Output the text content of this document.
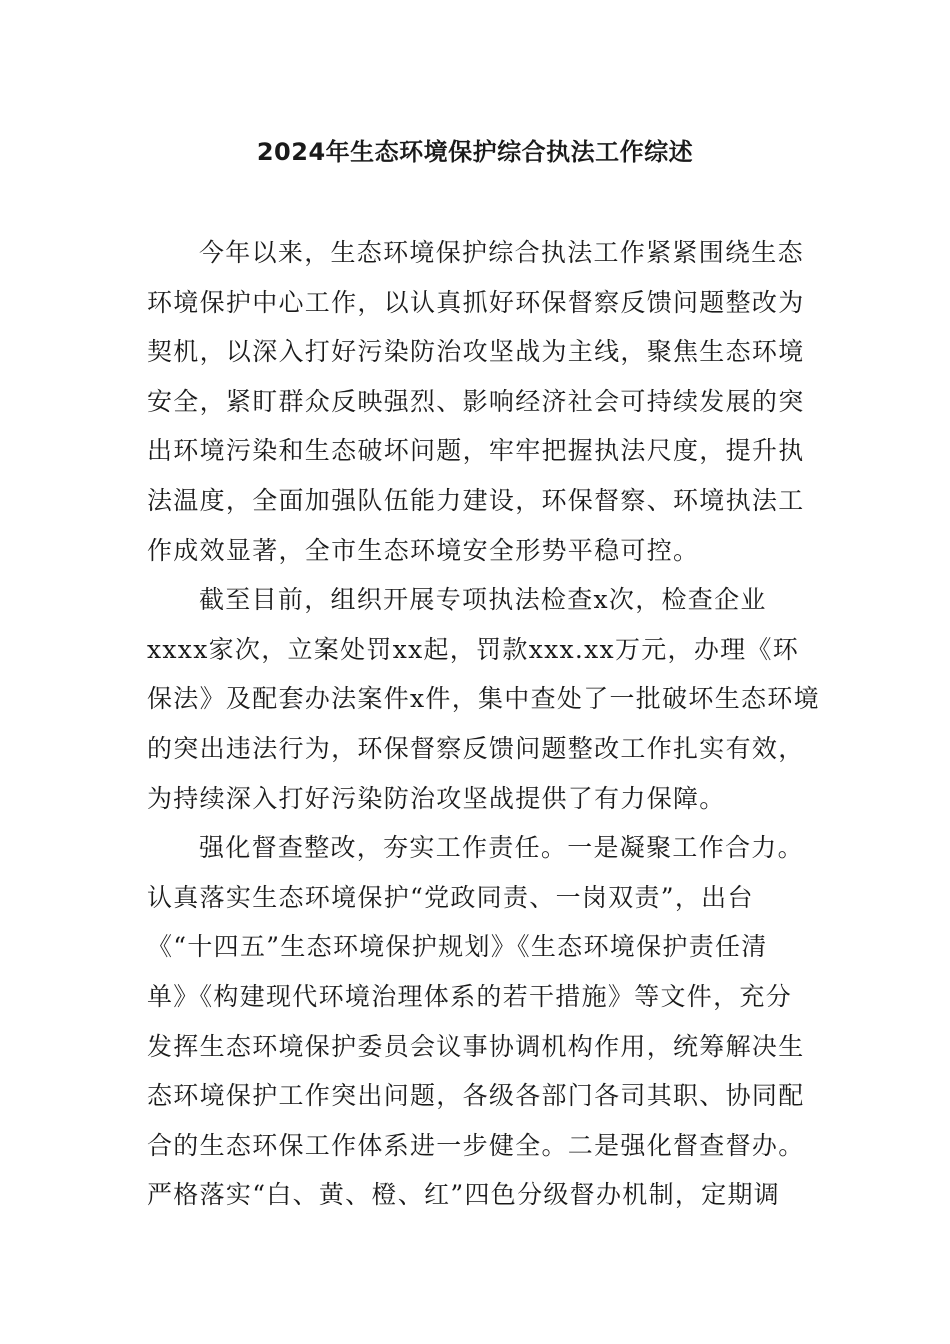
2024年生态环境保护综合执法工作综述
今年以来，生态环境保护综合执法工作紧紧围绕生态
环境保护中心工作，以认真抓好环保督察反馈问题整改为
契机，以深入打好污染防治攻坚战为主线，聚焦生态环境
安全，紧盯群众反映强烈、影响经济社会可持续发展的突
出环境污染和生态破坏问题，牢牢把握执法尺度，提升执
法温度，全面加强队伍能力建设，环保督察、环境执法工
作成效显著，全市生态环境安全形势平稳可控。
截至目前，组织开展专项执法检查x次，检查企业
xxxx家次，立案处罚xx起，罚款xxx.xx万元，办理《环
保法》及配套办法案件x件，集中查处了一批破坏生态环境
的突出违法行为，环保督察反馈问题整改工作扎实有效，
为持续深入打好污染防治攻坚战提供了有力保障。
强化督查整改，夯实工作责任。一是凝聚工作合力。
认真落实生态环境保护“党政同责、一岗双责”，出台
《“十四五”生态环境保护规划》《生态环境保护责任清
单》《构建现代环境治理体系的若干措施》等文件，充分
发挥生态环境保护委员会议事协调机构作用，统筹解决生
态环境保护工作突出问题，各级各部门各司其职、协同配
合的生态环保工作体系进一步健全。二是强化督查督办。
严格落实“白、黄、橙、红”四色分级督办机制，定期调
